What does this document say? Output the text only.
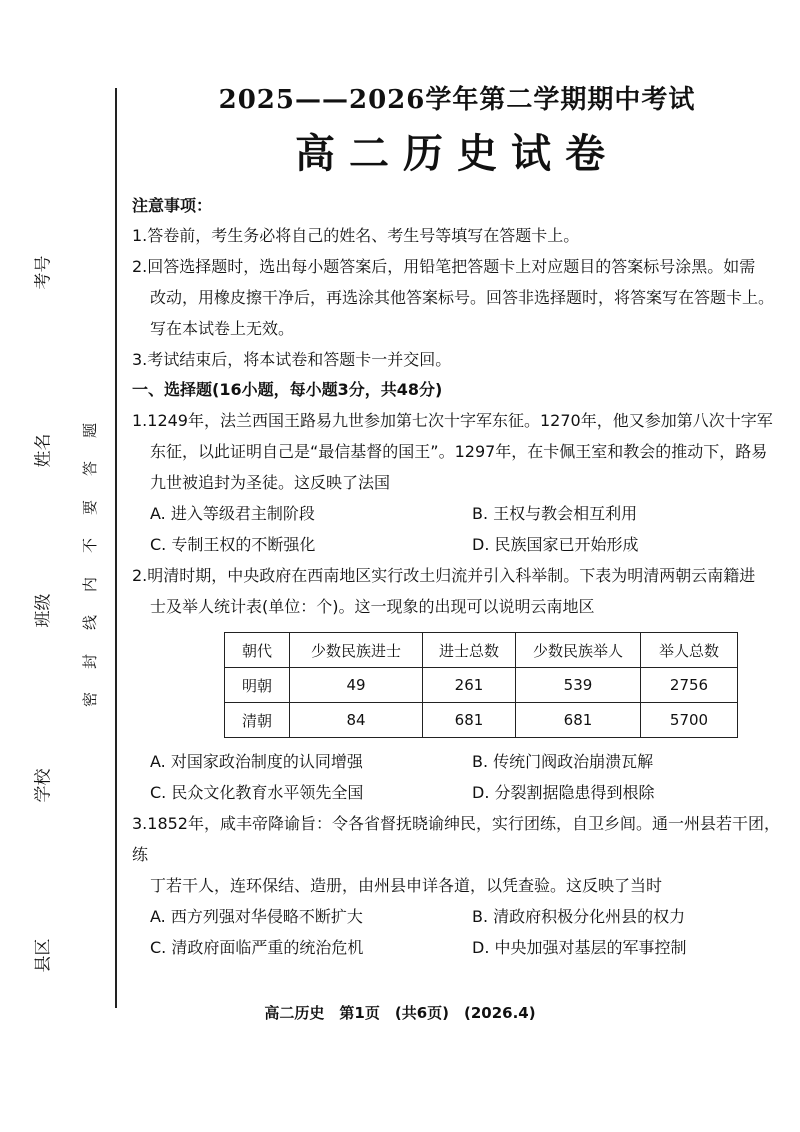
考号
姓名
班级
学校
县区
题
答
要
不
内
线
封
密
2025——2026学年第二学期期中考试
高二历史试卷
注意事项：

1.答卷前，考生务必将自己的姓名、考生号等填写在答题卡上。

2.回答选择题时，选出每小题答案后，用铅笔把答题卡上对应题目的答案标号涂黑。如需

改动，用橡皮擦干净后，再选涂其他答案标号。回答非选择题时，将答案写在答题卡上。

写在本试卷上无效。

3.考试结束后，将本试卷和答题卡一并交回。

一、选择题(16小题，每小题3分，共48分)

1.1249年，法兰西国王路易九世参加第七次十字军东征。1270年，他又参加第八次十字军

东征，以此证明自己是“最信基督的国王”。1297年，在卡佩王室和教会的推动下，路易

九世被追封为圣徒。这反映了法国

A. 进入等级君主制阶段	B. 王权与教会相互利用
C. 专制王权的不断强化	D. 民族国家已开始形成

2.明清时期，中央政府在西南地区实行改土归流并引入科举制。下表为明清两朝云南籍进

士及举人统计表(单位：个)。这一现象的出现可以说明云南地区

朝代	少数民族进士	进士总数	少数民族举人	举人总数
明朝	49	261	539	2756
清朝	84	681	681	5700
A. 对国家政治制度的认同增强	B. 传统门阀政治崩溃瓦解
C. 民众文化教育水平领先全国	D. 分裂割据隐患得到根除

3.1852年，咸丰帝降谕旨：令各省督抚晓谕绅民，实行团练，自卫乡闾。通一州县若干团，练

丁若干人，连环保结、造册，由州县申详各道，以凭查验。这反映了当时

A. 西方列强对华侵略不断扩大	B. 清政府积极分化州县的权力
C. 清政府面临严重的统治危机	D. 中央加强对基层的军事控制
高二历史　第1页　(共6页)　(2026.4)
